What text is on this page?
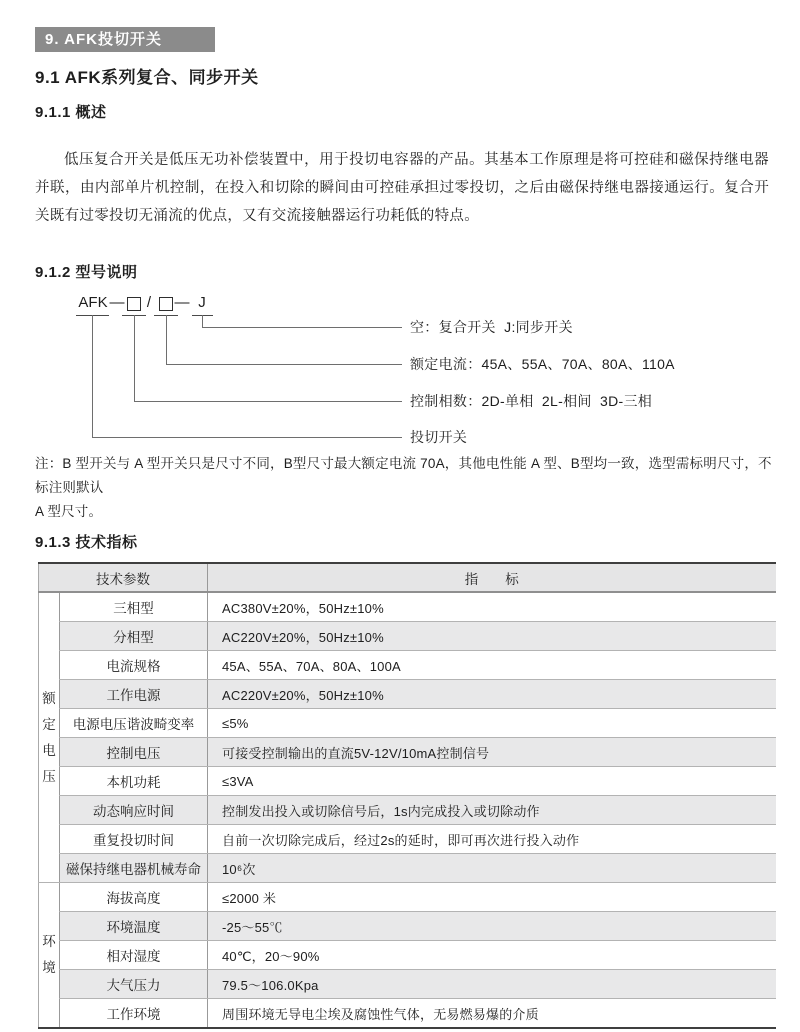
9. AFK投切开关
9.1 AFK系列复合、同步开关
9.1.1 概述
低压复合开关是低压无功补偿装置中，用于投切电容器的产品。其基本工作原理是将可控硅和磁保持继电器并联，由内部单片机控制，在投入和切除的瞬间由可控硅承担过零投切，之后由磁保持继电器接通运行。复合开关既有过零投切无涌流的优点，又有交流接触器运行功耗低的特点。
9.1.2 型号说明
AFK —	/	— J
空：复合开关  J:同步开关
额定电流：45A、55A、70A、80A、110A
控制相数：2D-单相  2L-相间  3D-三相
投切开关
注：B 型开关与 A 型开关只是尺寸不同，B型尺寸最大额定电流 70A，其他电性能 A 型、B型均一致，选型需标明尺寸，不标注则默认
A 型尺寸。
9.1.3 技术指标
技术参数		指　　标
额定电压	三相型	AC380V±20%，50Hz±10%
	分相型	AC220V±20%，50Hz±10%
	电流规格	45A、55A、70A、80A、100A
	工作电源	AC220V±20%，50Hz±10%
	电源电压谐波畸变率	≤5%
	控制电压	可接受控制输出的直流5V-12V/10mA控制信号
	本机功耗	≤3VA
	动态响应时间	控制发出投入或切除信号后，1s内完成投入或切除动作
	重复投切时间	自前一次切除完成后，经过2s的延时，即可再次进行投入动作
	磁保持继电器机械寿命	10⁶次
环境	海拔高度	≤2000 米
	环境温度	-25～55℃
	相对湿度	40℃，20～90%
	大气压力	79.5～106.0Kpa
	工作环境	周围环境无导电尘埃及腐蚀性气体，无易燃易爆的介质
